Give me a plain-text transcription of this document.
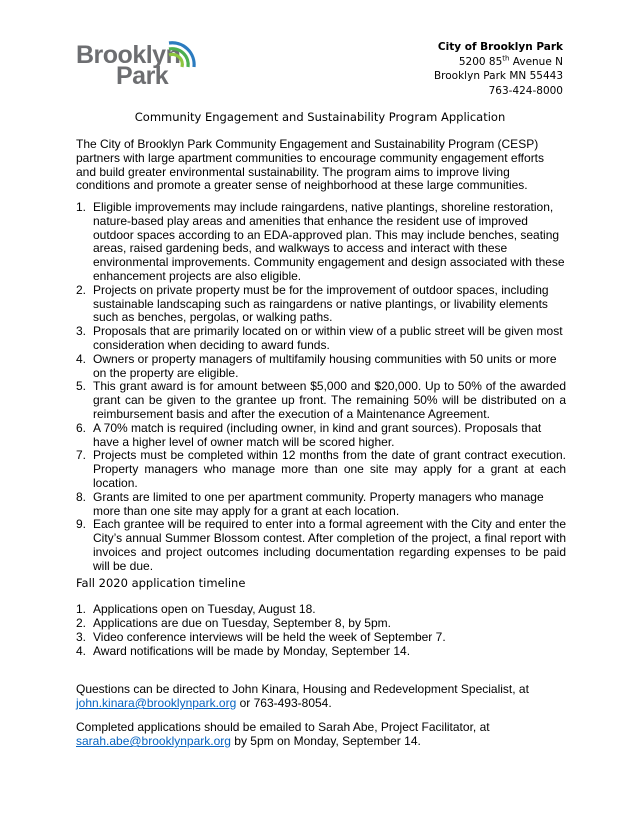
Brooklyn
Park
City of Brooklyn Park
5200 85th Avenue N
Brooklyn Park MN 55443
763-424-8000
Community Engagement and Sustainability Program Application

The City of Brooklyn Park Community Engagement and Sustainability Program (CESP) partners with large apartment communities to encourage community engagement efforts and build greater environmental sustainability. The program aims to improve living conditions and promote a greater sense of neighborhood at these large communities.

1. Eligible improvements may include raingardens, native plantings, shoreline restoration, nature-based play areas and amenities that enhance the resident use of improved outdoor spaces according to an EDA-approved plan. This may include benches, seating areas, raised gardening beds, and walkways to access and interact with these environmental improvements. Community engagement and design associated with these enhancement projects are also eligible.
2. Projects on private property must be for the improvement of outdoor spaces, including sustainable landscaping such as raingardens or native plantings, or livability elements such as benches, pergolas, or walking paths.
3. Proposals that are primarily located on or within view of a public street will be given most consideration when deciding to award funds.
4. Owners or property managers of multifamily housing communities with 50 units or more on the property are eligible.
5. This grant award is for amount between $5,000 and $20,000. Up to 50% of the awarded grant can be given to the grantee up front. The remaining 50% will be distributed on a reimbursement basis and after the execution of a Maintenance Agreement.
6. A 70% match is required (including owner, in kind and grant sources). Proposals that have a higher level of owner match will be scored higher.
7. Projects must be completed within 12 months from the date of grant contract execution. Property managers who manage more than one site may apply for a grant at each location.
8. Grants are limited to one per apartment community. Property managers who manage more than one site may apply for a grant at each location.
9. Each grantee will be required to enter into a formal agreement with the City and enter the City’s annual Summer Blossom contest. After completion of the project, a final report with invoices and project outcomes including documentation regarding expenses to be paid will be due.
Fall 2020 application timeline
1. Applications open on Tuesday, August 18.
2. Applications are due on Tuesday, September 8, by 5pm.
3. Video conference interviews will be held the week of September 7.
4. Award notifications will be made by Monday, September 14.

Questions can be directed to John Kinara, Housing and Redevelopment Specialist, at john.kinara@brooklynpark.org or 763-493-8054.

Completed applications should be emailed to Sarah Abe, Project Facilitator, at sarah.abe@brooklynpark.org by 5pm on Monday, September 14.
